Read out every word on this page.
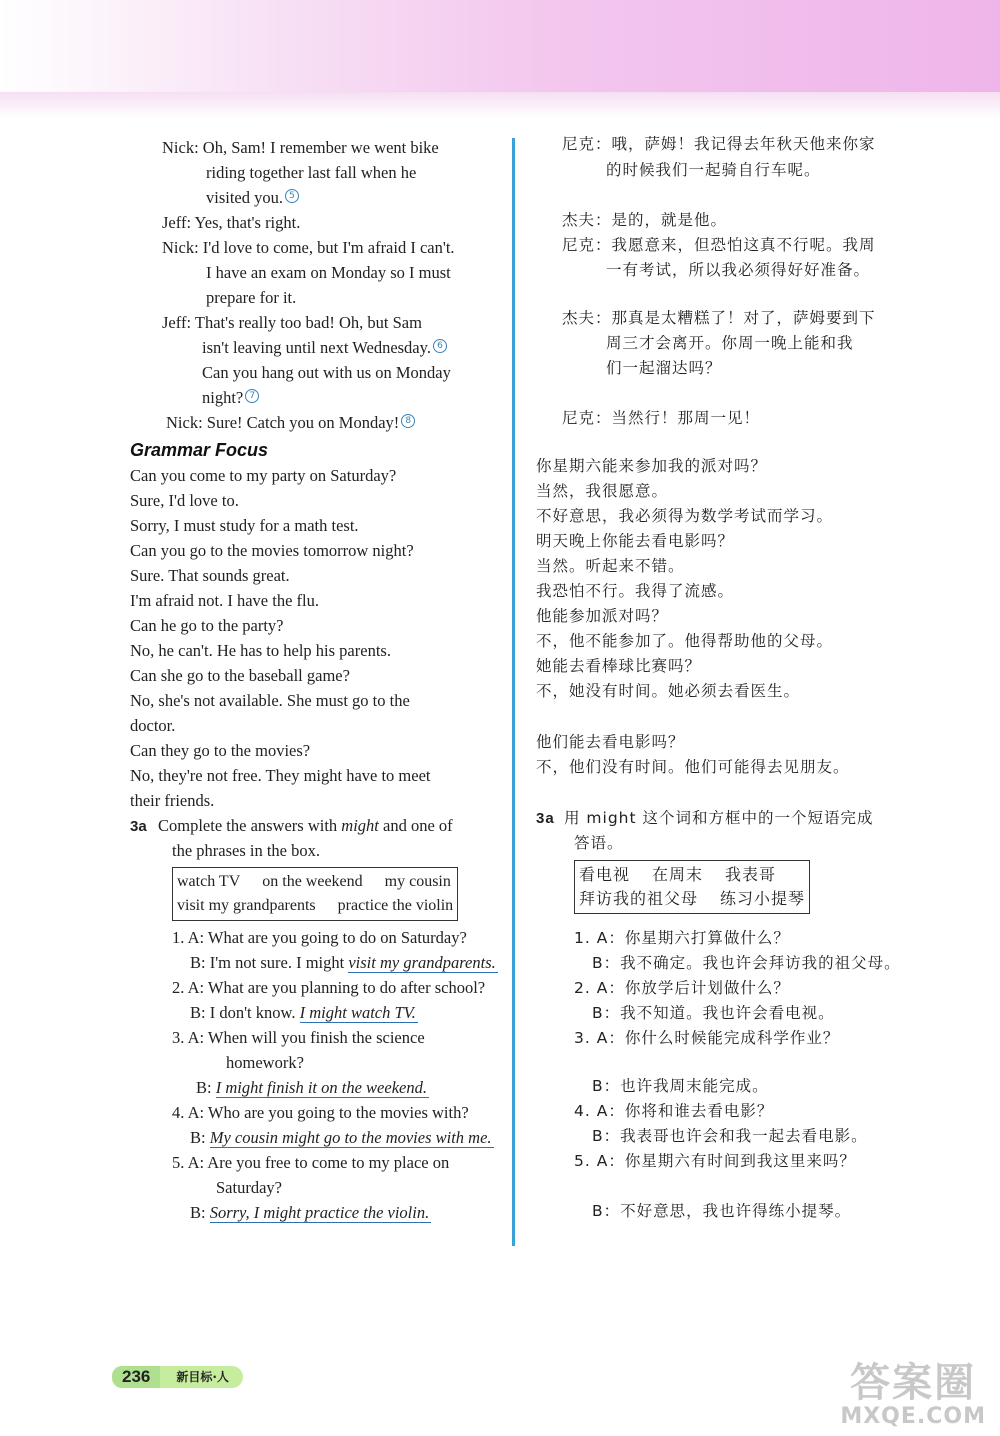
Nick: Oh, Sam! I remember we went bike
riding together last fall when he
visited you. 5
Jeff: Yes, that's right.
Nick: I'd love to come, but I'm afraid I can't.
I have an exam on Monday so I must
prepare for it.
Jeff: That's really too bad! Oh, but Sam
isn't leaving until next Wednesday. 6
Can you hang out with us on Monday
night? 7
Nick: Sure! Catch you on Monday! 8
Grammar Focus
Can you come to my party on Saturday?
Sure, I'd love to.
Sorry, I must study for a math test.
Can you go to the movies tomorrow night?
Sure. That sounds great.
I'm afraid not. I have the flu.
Can he go to the party?
No, he can't. He has to help his parents.
Can she go to the baseball game?
No, she's not available. She must go to the
doctor.
Can they go to the movies?
No, they're not free. They might have to meet
their friends.
3a Complete the answers with might and one of
the phrases in the box.
watch TV on the weekend my cousin
visit my grandparents practice the violin
1. A: What are you going to do on Saturday?
B: I'm not sure. I might visit my grandparents.
2. A: What are you planning to do after school?
B: I don't know. I might watch TV.
3. A: When will you finish the science
homework?
B: I might finish it on the weekend.
4. A: Who are you going to the movies with?
B: My cousin might go to the movies with me.
5. A: Are you free to come to my place on
Saturday?
B: Sorry, I might practice the violin.
尼克：哦，萨姆！我记得去年秋天他来你家
的时候我们一起骑自行车呢。
杰夫：是的，就是他。
尼克：我愿意来，但恐怕这真不行呢。我周
一有考试，所以我必须得好好准备。
杰夫：那真是太糟糕了！对了，萨姆要到下
周三才会离开。你周一晚上能和我
们一起溜达吗？
尼克：当然行！那周一见！
你星期六能来参加我的派对吗？
当然，我很愿意。
不好意思，我必须得为数学考试而学习。
明天晚上你能去看电影吗？
当然。听起来不错。
我恐怕不行。我得了流感。
他能参加派对吗？
不，他不能参加了。他得帮助他的父母。
她能去看棒球比赛吗？
不，她没有时间。她必须去看医生。
他们能去看电影吗？
不，他们没有时间。他们可能得去见朋友。
3a 用 might 这个词和方框中的一个短语完成
答语。
看电视 在周末 我表哥
拜访我的祖父母 练习小提琴
1. A：你星期六打算做什么？
B：我不确定。我也许会拜访我的祖父母。
2. A：你放学后计划做什么？
B：我不知道。我也许会看电视。
3. A：你什么时候能完成科学作业？
B：也许我周末能完成。
4. A：你将和谁去看电影？
B：我表哥也许会和我一起去看电影。
5. A：你星期六有时间到我这里来吗？
B：不好意思，我也许得练小提琴。
236	新目标·人	答案圈
MXQE.COM
